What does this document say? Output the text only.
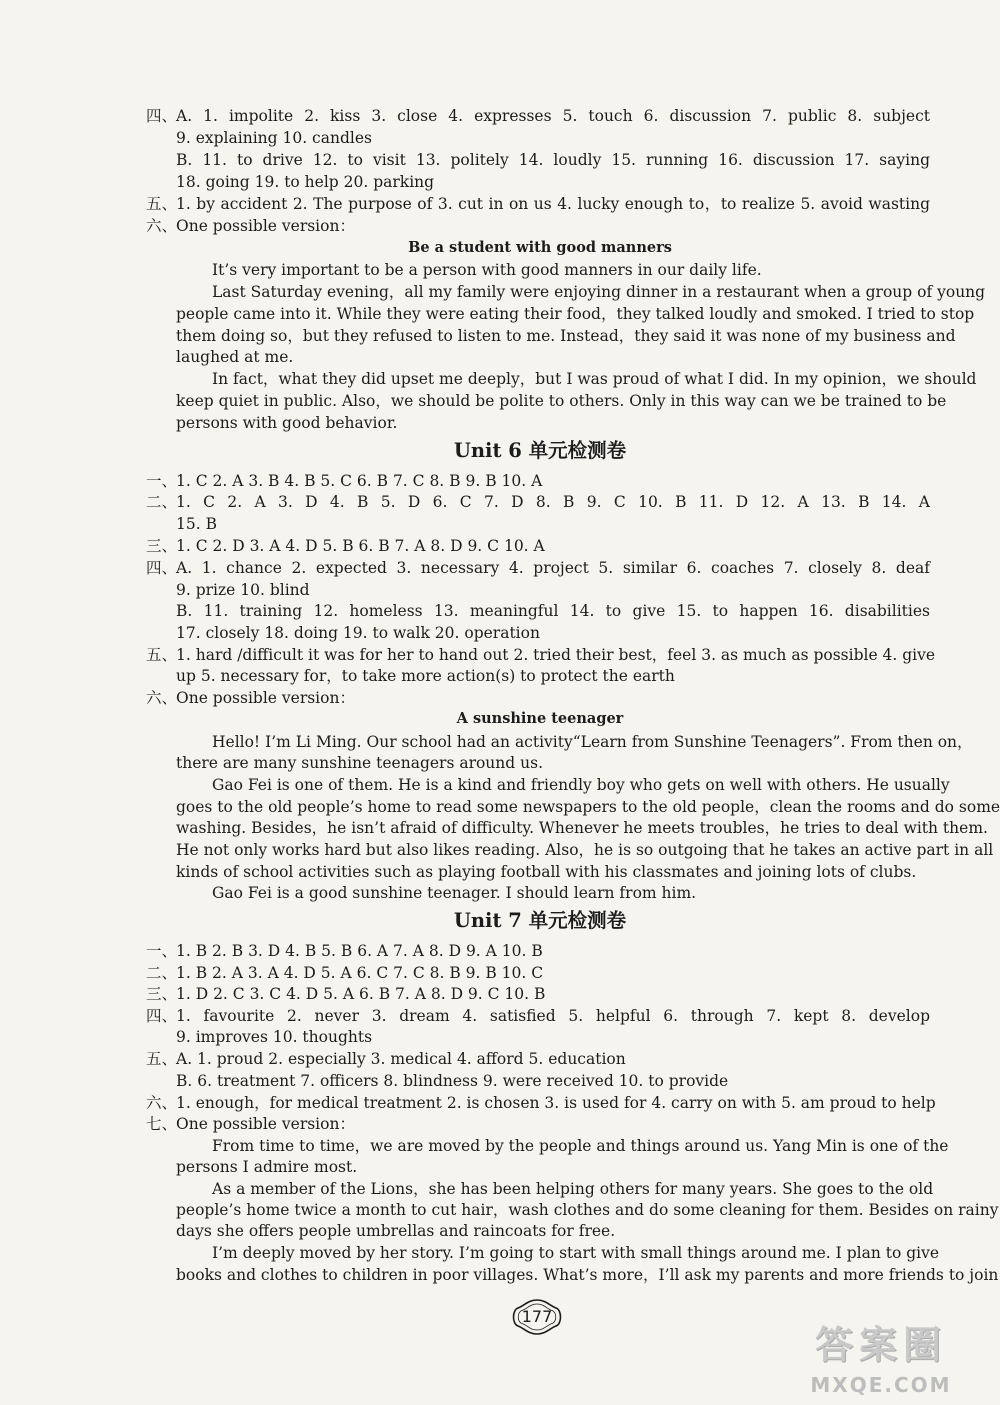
四、
A. 1. impolite 2. kiss 3. close 4. expresses 5. touch 6. discussion 7. public 8. subject
9. explaining 10. candles
B. 11. to drive 12. to visit 13. politely 14. loudly 15. running 16. discussion 17. saying
18. going 19. to help 20. parking
五、
1. by accident 2. The purpose of 3. cut in on us 4. lucky enough to，to realize 5. avoid wasting
六、
One possible version：
Be a student with good manners
It’s very important to be a person with good manners in our daily life.
Last Saturday evening，all my family were enjoying dinner in a restaurant when a group of young
people came into it. While they were eating their food，they talked loudly and smoked. I tried to stop
them doing so，but they refused to listen to me. Instead，they said it was none of my business and
laughed at me.
In fact，what they did upset me deeply，but I was proud of what I did. In my opinion，we should
keep quiet in public. Also，we should be polite to others. Only in this way can we be trained to be
persons with good behavior.
Unit 6 单元检测卷
一、
1. C 2. A 3. B 4. B 5. C 6. B 7. C 8. B 9. B 10. A
二、
1. C 2. A 3. D 4. B 5. D 6. C 7. D 8. B 9. C 10. B 11. D 12. A 13. B 14. A
15. B
三、
1. C 2. D 3. A 4. D 5. B 6. B 7. A 8. D 9. C 10. A
四、
A. 1. chance 2. expected 3. necessary 4. project 5. similar 6. coaches 7. closely 8. deaf
9. prize 10. blind
B. 11. training 12. homeless 13. meaningful 14. to give 15. to happen 16. disabilities
17. closely 18. doing 19. to walk 20. operation
五、
1. hard /difficult it was for her to hand out 2. tried their best，feel 3. as much as possible 4. give
up 5. necessary for，to take more action(s) to protect the earth
六、
One possible version：
A sunshine teenager
Hello! I’m Li Ming. Our school had an activity“Learn from Sunshine Teenagers”. From then on，
there are many sunshine teenagers around us.
Gao Fei is one of them. He is a kind and friendly boy who gets on well with others. He usually
goes to the old people’s home to read some newspapers to the old people，clean the rooms and do some
washing. Besides，he isn’t afraid of difficulty. Whenever he meets troubles，he tries to deal with them.
He not only works hard but also likes reading. Also，he is so outgoing that he takes an active part in all
kinds of school activities such as playing football with his classmates and joining lots of clubs.
Gao Fei is a good sunshine teenager. I should learn from him.
Unit 7 单元检测卷
一、
1. B 2. B 3. D 4. B 5. B 6. A 7. A 8. D 9. A 10. B
二、
1. B 2. A 3. A 4. D 5. A 6. C 7. C 8. B 9. B 10. C
三、
1. D 2. C 3. C 4. D 5. A 6. B 7. A 8. D 9. C 10. B
四、
1. favourite 2. never 3. dream 4. satisfied 5. helpful 6. through 7. kept 8. develop
9. improves 10. thoughts
五、
A. 1. proud 2. especially 3. medical 4. afford 5. education
B. 6. treatment 7. officers 8. blindness 9. were received 10. to provide
六、
1. enough，for medical treatment 2. is chosen 3. is used for 4. carry on with 5. am proud to help
七、
One possible version：
From time to time，we are moved by the people and things around us. Yang Min is one of the
persons I admire most.
As a member of the Lions，she has been helping others for many years. She goes to the old
people’s home twice a month to cut hair，wash clothes and do some cleaning for them. Besides on rainy
days she offers people umbrellas and raincoats for free.
I’m deeply moved by her story. I’m going to start with small things around me. I plan to give
books and clothes to children in poor villages. What’s more，I’ll ask my parents and more friends to join
177
答案圈
MXQE.COM
